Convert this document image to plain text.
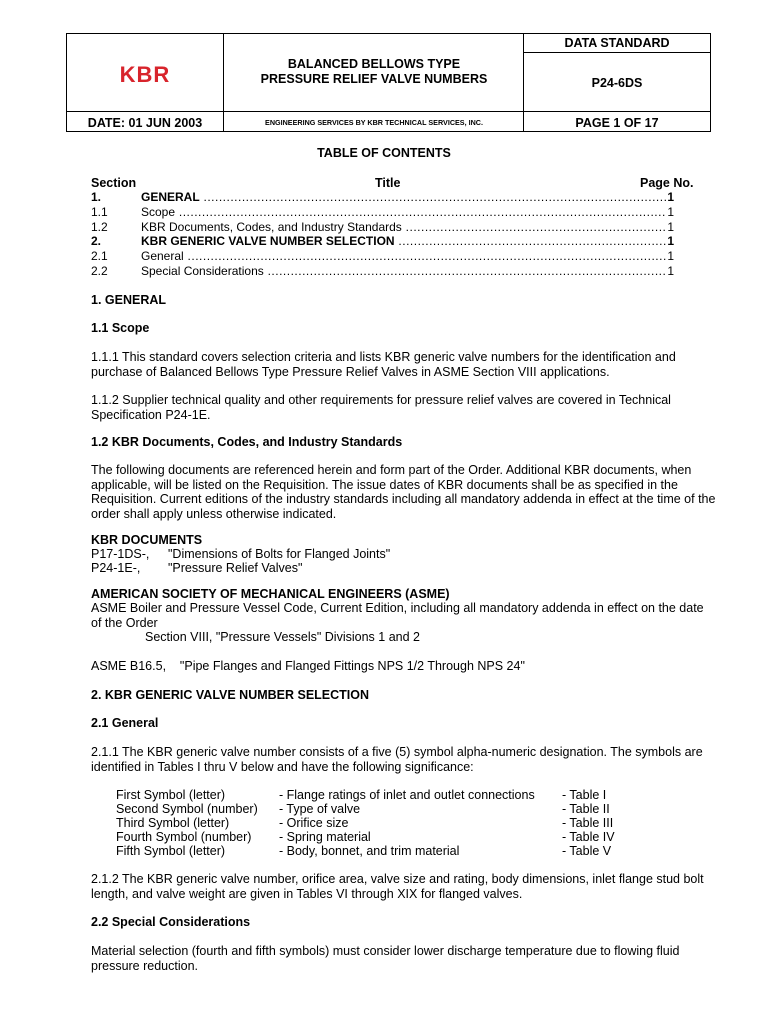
KBR	BALANCED BELLOWS TYPE
PRESSURE RELIEF VALVE NUMBERS
DATA STANDARD
P24-6DS
DATE: 01 JUN 2003	ENGINEERING SERVICES BY KBR TECHNICAL SERVICES, INC.	PAGE 1 OF 17
TABLE OF CONTENTS
Section	Title	Page No.
1.	GENERAL .....	1
1.1	Scope .....	1
1.2	KBR Documents, Codes, and Industry Standards .....	1
2.	KBR GENERIC VALVE NUMBER SELECTION .....	1
2.1	General .....	1
2.2	Special Considerations .....	1
1. GENERAL
1.1 Scope
1.1.1 This standard covers selection criteria and lists KBR generic valve numbers for the identification and purchase of Balanced Bellows Type Pressure Relief Valves in ASME Section VIII applications.
1.1.2 Supplier technical quality and other requirements for pressure relief valves are covered in Technical Specification P24-1E.
1.2 KBR Documents, Codes, and Industry Standards
The following documents are referenced herein and form part of the Order. Additional KBR documents, when applicable, will be listed on the Requisition. The issue dates of KBR documents shall be as specified in the Requisition. Current editions of the industry standards including all mandatory addenda in effect at the time of the order shall apply unless otherwise indicated.
KBR DOCUMENTS
P17-1DS-, "Dimensions of Bolts for Flanged Joints"
P24-1E-, "Pressure Relief Valves"
AMERICAN SOCIETY OF MECHANICAL ENGINEERS (ASME)
ASME Boiler and Pressure Vessel Code, Current Edition, including all mandatory addenda in effect on the date of the Order
Section VIII, "Pressure Vessels" Divisions 1 and 2
ASME B16.5,    "Pipe Flanges and Flanged Fittings NPS 1/2 Through NPS 24"
2. KBR GENERIC VALVE NUMBER SELECTION
2.1 General
2.1.1 The KBR generic valve number consists of a five (5) symbol alpha-numeric designation. The symbols are identified in Tables I thru V below and have the following significance:
First Symbol (letter)	- Flange ratings of inlet and outlet connections - Table I
Second Symbol (number) - Type of valve	- Table II
Third Symbol (letter)	- Orifice size	- Table III
Fourth Symbol (number) - Spring material	- Table IV
Fifth Symbol (letter)	- Body, bonnet, and trim material	- Table V
2.1.2 The KBR generic valve number, orifice area, valve size and rating, body dimensions, inlet flange stud bolt length, and valve weight are given in Tables VI through XIX for flanged valves.
2.2 Special Considerations
Material selection (fourth and fifth symbols) must consider lower discharge temperature due to flowing fluid pressure reduction.
